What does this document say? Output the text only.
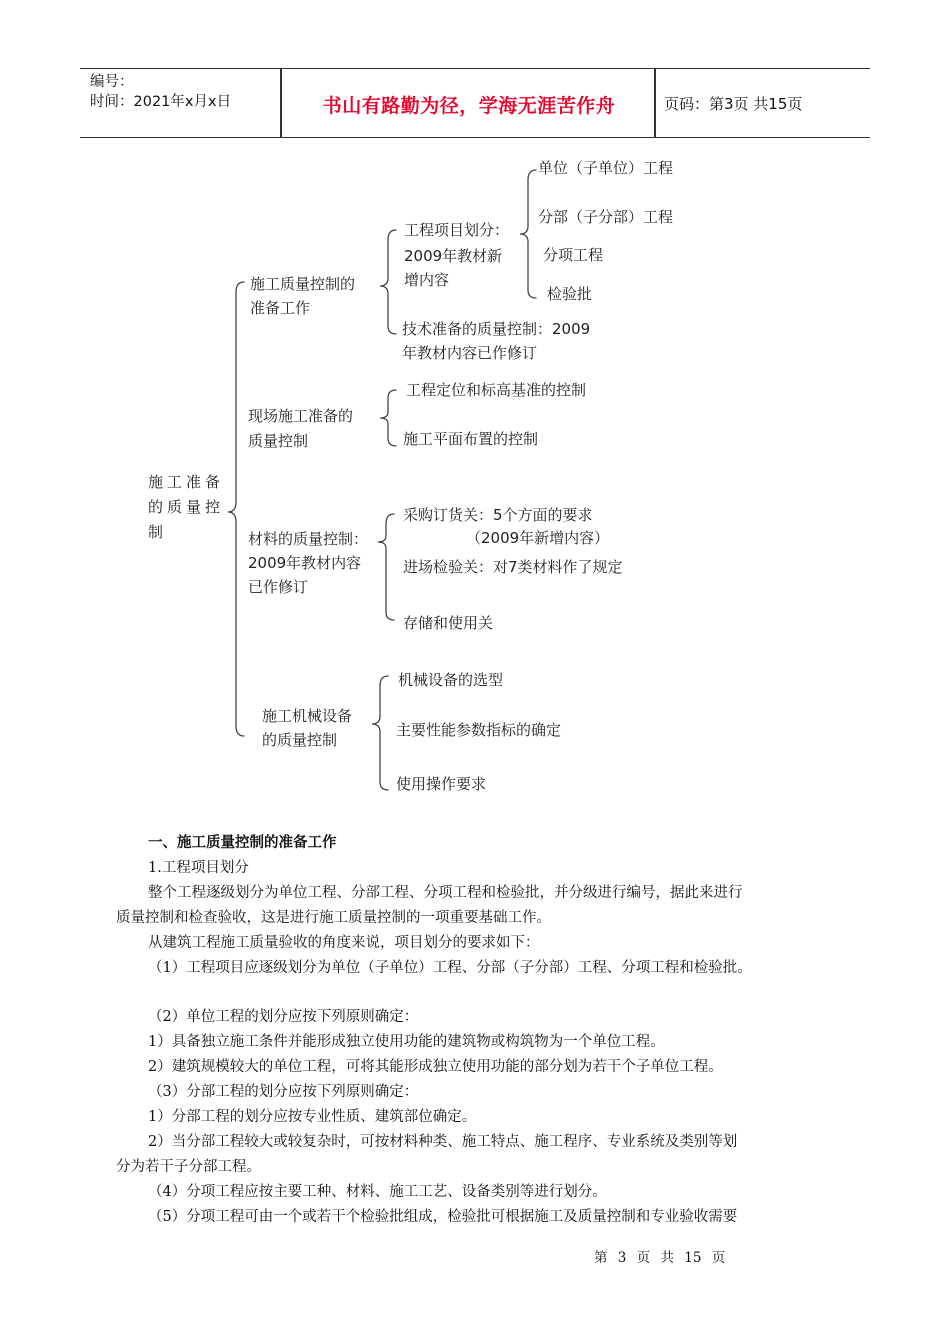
编号：
时间：2021年x月x日	书山有路勤为径，学海无涯苦作舟	页码：第3页 共15页
施工准备的质量控制
施工质量控制的
准备工作
工程项目划分：
2009年教材新
增内容
单位（子单位）工程
分部（子分部）工程
分项工程
检验批
技术准备的质量控制：2009
年教材内容已作修订
现场施工准备的
质量控制
工程定位和标高基准的控制
施工平面布置的控制
材料的质量控制：
2009年教材内容
已作修订
采购订货关：5个方面的要求
（2009年新增内容）
进场检验关：对7类材料作了规定
存储和使用关
施工机械设备
的质量控制
机械设备的选型
主要性能参数指标的确定
使用操作要求
一、施工质量控制的准备工作
1.工程项目划分
整个工程逐级划分为单位工程、分部工程、分项工程和检验批，并分级进行编号，据此来进行
质量控制和检查验收，这是进行施工质量控制的一项重要基础工作。
从建筑工程施工质量验收的角度来说，项目划分的要求如下：
（1）工程项目应逐级划分为单位（子单位）工程、分部（子分部）工程、分项工程和检验批。
（2）单位工程的划分应按下列原则确定：
1）具备独立施工条件并能形成独立使用功能的建筑物或构筑物为一个单位工程。
2）建筑规模较大的单位工程，可将其能形成独立使用功能的部分划为若干个子单位工程。
（3）分部工程的划分应按下列原则确定：
1）分部工程的划分应按专业性质、建筑部位确定。
2）当分部工程较大或较复杂时，可按材料种类、施工特点、施工程序、专业系统及类别等划
分为若干子分部工程。
（4）分项工程应按主要工种、材料、施工工艺、设备类别等进行划分。
（5）分项工程可由一个或若干个检验批组成，检验批可根据施工及质量控制和专业验收需要
第 3 页 共 15 页
